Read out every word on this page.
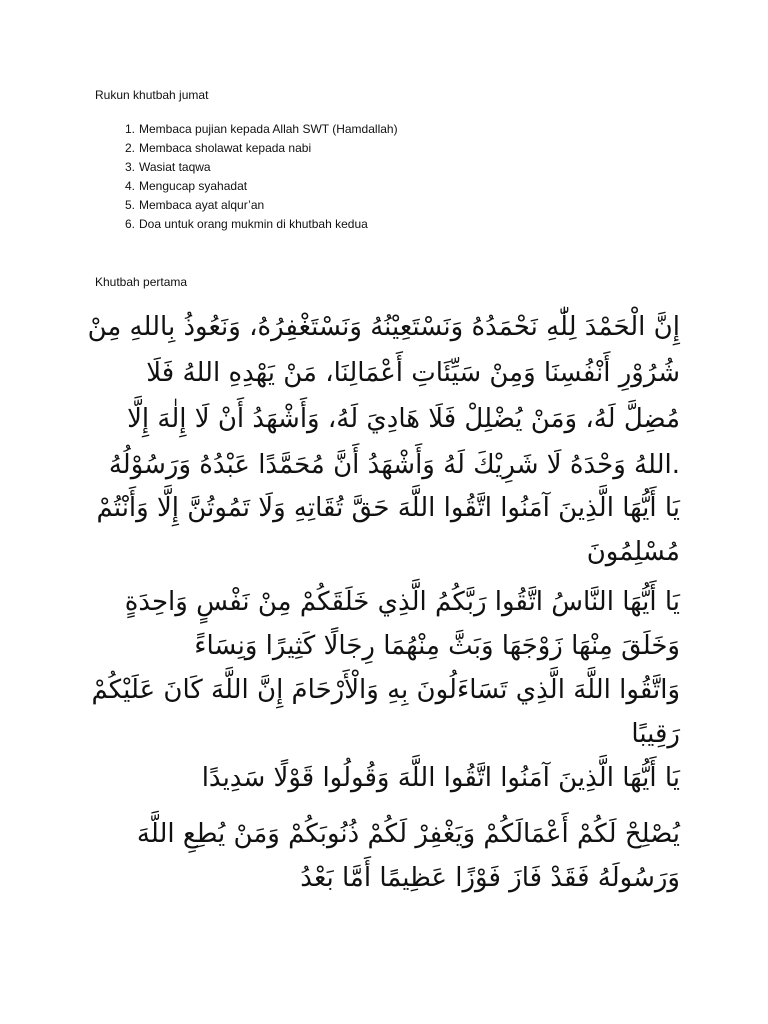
Rukun khutbah jumat

1. Membaca pujian kepada Allah SWT (Hamdallah)
2. Membaca sholawat kepada nabi
3. Wasiat taqwa
4. Mengucap syahadat
5. Membaca ayat alqur’an
6. Doa untuk orang mukmin di khutbah kedua

Khutbah pertama

إِنَّ الْحَمْدَ لِلّٰهِ نَحْمَدُهُ وَنَسْتَعِيْنُهُ وَنَسْتَغْفِرُهُ، وَنَعُوذُ بِاللهِ مِنْ
شُرُوْرِ أَنْفُسِنَا وَمِنْ سَيِّئَاتِ أَعْمَالِنَا، مَنْ يَهْدِهِ اللهُ فَلَا
مُضِلَّ لَهُ، وَمَنْ يُضْلِلْ فَلَا هَادِيَ لَهُ، وَأَشْهَدُ أَنْ لَا إِلٰهَ إِلَّا
.اللهُ وَحْدَهُ لَا شَرِيْكَ لَهُ وَأَشْهَدُ أَنَّ مُحَمَّدًا عَبْدُهُ وَرَسُوْلُهُ
يَا أَيُّهَا الَّذِينَ آمَنُوا اتَّقُوا اللَّهَ حَقَّ تُقَاتِهِ وَلَا تَمُوتُنَّ إِلَّا وَأَنْتُمْ
مُسْلِمُونَ
يَا أَيُّهَا النَّاسُ اتَّقُوا رَبَّكُمُ الَّذِي خَلَقَكُمْ مِنْ نَفْسٍ وَاحِدَةٍ
وَخَلَقَ مِنْهَا زَوْجَهَا وَبَثَّ مِنْهُمَا رِجَالًا كَثِيرًا وَنِسَاءً
وَاتَّقُوا اللَّهَ الَّذِي تَسَاءَلُونَ بِهِ وَالْأَرْحَامَ إِنَّ اللَّهَ كَانَ عَلَيْكُمْ
رَقِيبًا
يَا أَيُّهَا الَّذِينَ آمَنُوا اتَّقُوا اللَّهَ وَقُولُوا قَوْلًا سَدِيدًا
يُصْلِحْ لَكُمْ أَعْمَالَكُمْ وَيَغْفِرْ لَكُمْ ذُنُوبَكُمْ وَمَنْ يُطِعِ اللَّهَ
وَرَسُولَهُ فَقَدْ فَازَ فَوْزًا عَظِيمًا أَمَّا بَعْدُ
